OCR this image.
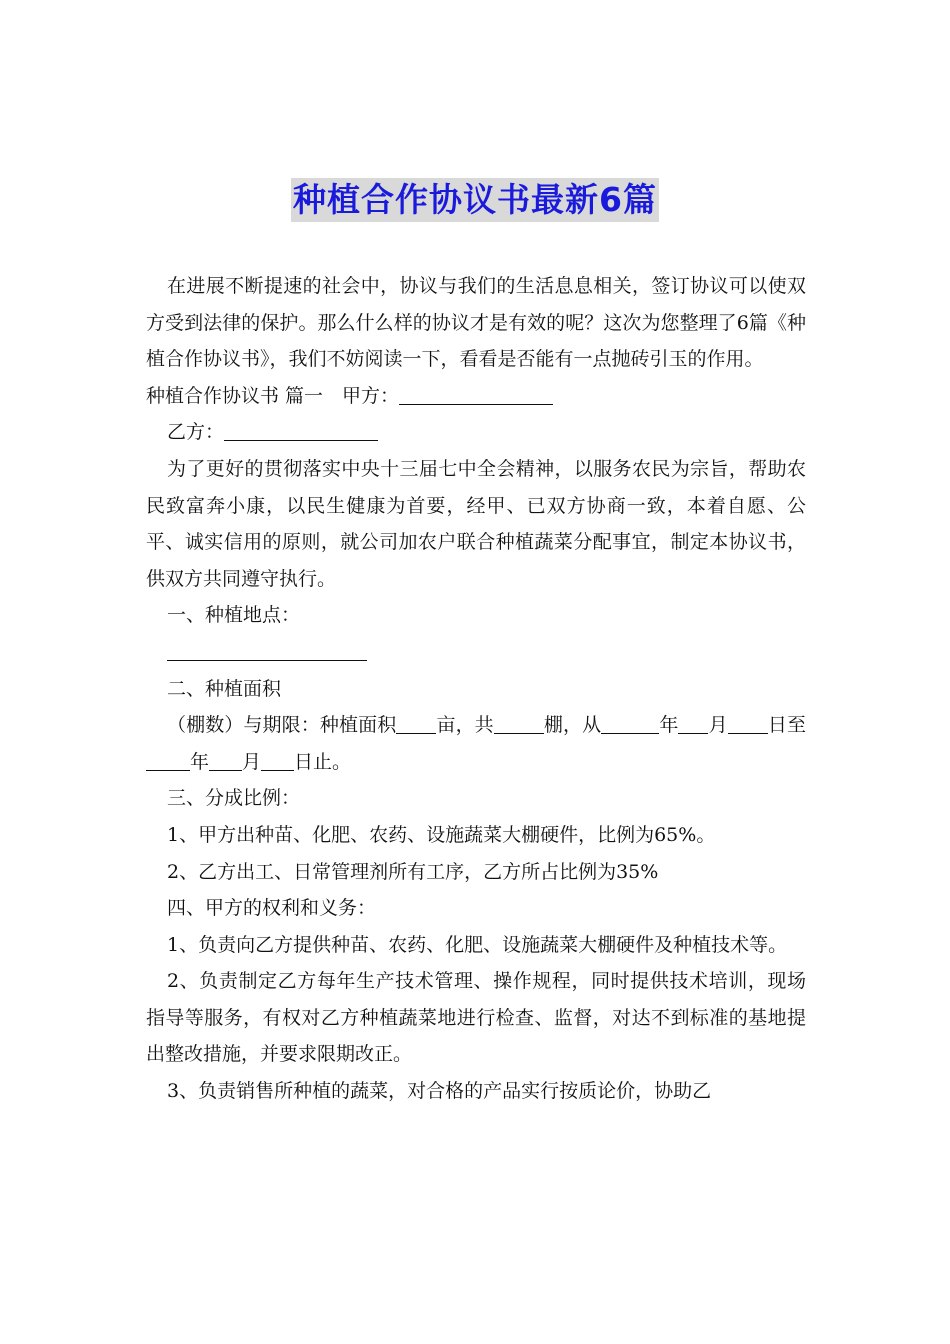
种植合作协议书最新6篇

在进展不断提速的社会中，协议与我们的生活息息相关，签订协议可以使双方受到法律的保护。那么什么样的协议才是有效的呢？这次为您整理了6篇《种植合作协议书》，我们不妨阅读一下，看看是否能有一点抛砖引玉的作用。

种植合作协议书 篇一　甲方：

乙方：

为了更好的贯彻落实中央十三届七中全会精神，以服务农民为宗旨，帮助农民致富奔小康，以民生健康为首要，经甲、已双方协商一致，本着自愿、公平、诚实信用的原则，就公司加农户联合种植蔬菜分配事宜，制定本协议书，供双方共同遵守执行。

一、种植地点：

二、种植面积

（棚数）与期限：种植面积 亩，共	棚，从	年 月 日至年 月 日止。

三、分成比例：

1、甲方出种苗、化肥、农药、设施蔬菜大棚硬件，比例为65%。

2、乙方出工、日常管理剂所有工序，乙方所占比例为35%

四、甲方的权利和义务：

1、负责向乙方提供种苗、农药、化肥、设施蔬菜大棚硬件及种植技术等。

2、负责制定乙方每年生产技术管理、操作规程，同时提供技术培训，现场指导等服务，有权对乙方种植蔬菜地进行检查、监督，对达不到标准的基地提出整改措施，并要求限期改正。

3、负责销售所种植的蔬菜，对合格的产品实行按质论价，协助乙
